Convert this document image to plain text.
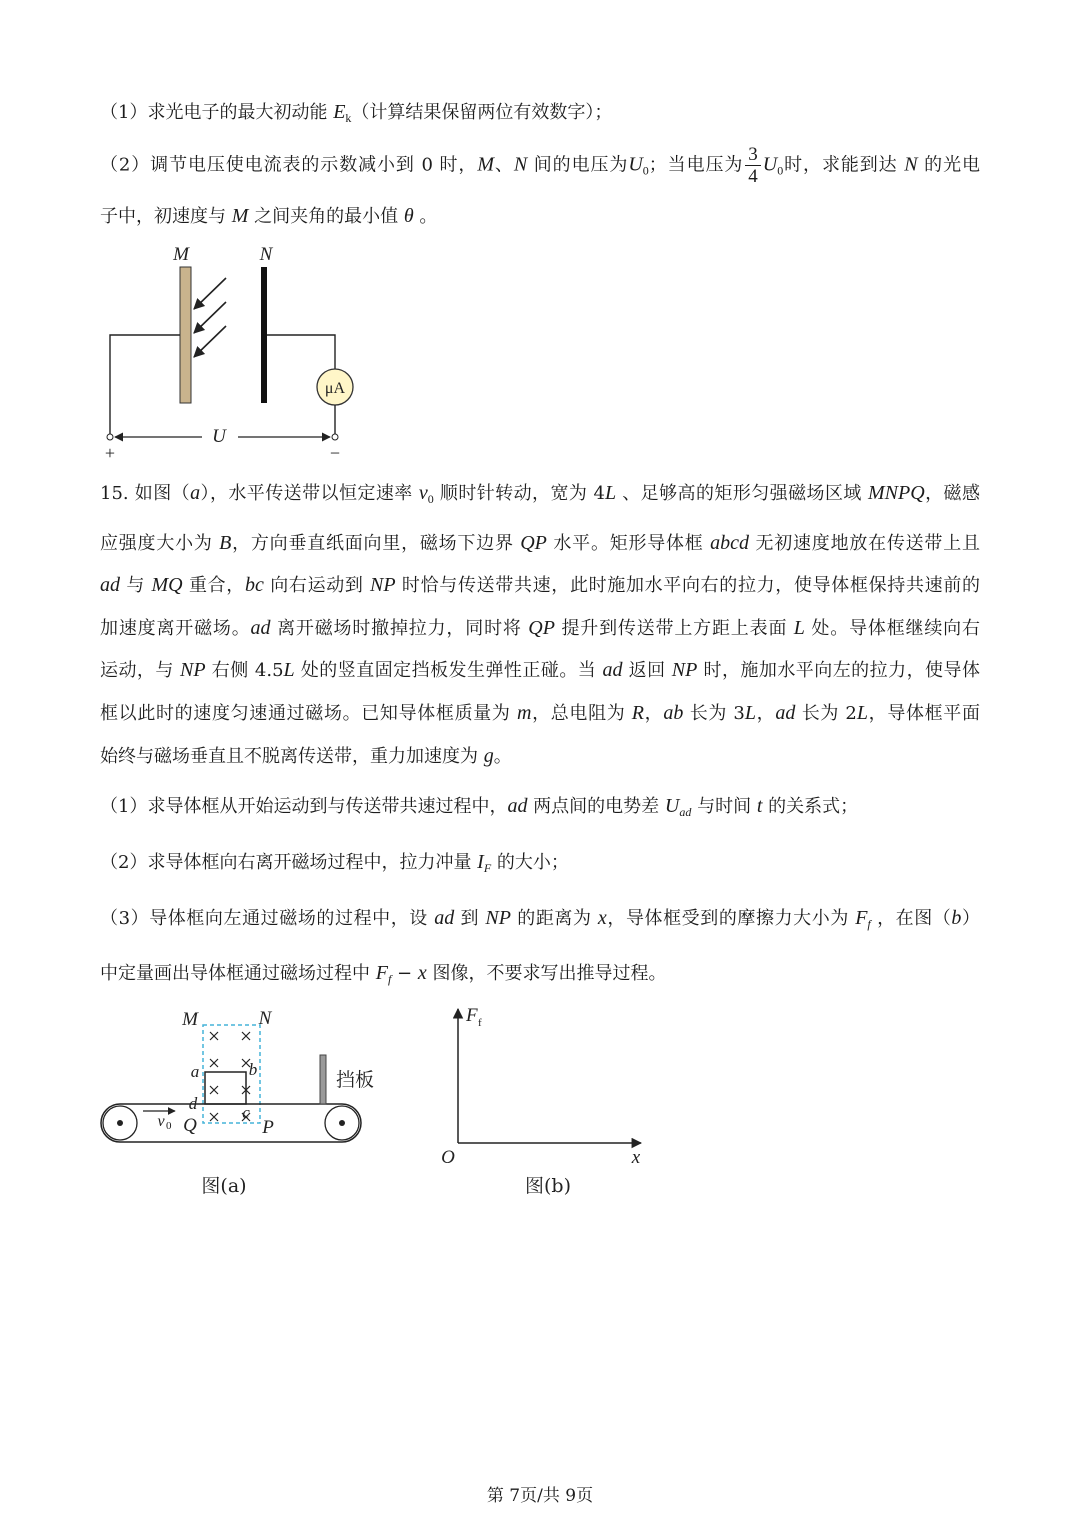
（1）求光电子的最大初动能 $E_k$（计算结果保留两位有效数字）；
（2）调节电压使电流表的示数减小到 0 时，M、N 间的电压为$U_0$；当电压为 $\frac{3}{4} U_0$时，求能到达 N 的光电
子中，初速度与 M 之间夹角的最小值 θ 。
M	N
μA
U
+	−
15. 如图（a），水平传送带以恒定速率 $v_0$ 顺时针转动，宽为 4L 、足够高的矩形匀强磁场区域 MNPQ，磁感
应强度大小为 B，方向垂直纸面向里，磁场下边界 QP 水平。矩形导体框 abcd 无初速度地放在传送带上且
ad 与 MQ 重合，bc 向右运动到 NP 时恰与传送带共速，此时施加水平向右的拉力，使导体框保持共速前的
加速度离开磁场。ad 离开磁场时撤掉拉力，同时将 QP 提升到传送带上方距上表面 L 处。导体框继续向右
运动，与 NP 右侧 4.5L 处的竖直固定挡板发生弹性正碰。当 ad 返回 NP 时，施加水平向左的拉力，使导体
框以此时的速度匀速通过磁场。已知导体框质量为 m，总电阻为 R，ab 长为 3L，ad 长为 2L，导体框平面
始终与磁场垂直且不脱离传送带，重力加速度为 g。
（1）求导体框从开始运动到与传送带共速过程中，ad 两点间的电势差 $U_{ad}$ 与时间 t 的关系式；
（2）求导体框向右离开磁场过程中，拉力冲量 $I_F$ 的大小；
（3）导体框向左通过磁场的过程中，设 ad 到 NP 的距离为 x，导体框受到的摩擦力大小为 $F_f$ ，在图（b）
中定量画出导体框通过磁场过程中 $F_f - x$ 图像，不要求写出推导过程。
M	N
a	b
d	c
v 0 Q	P
挡板
图(a)
F f
O	x
图(b)
第 7页/共 9页
